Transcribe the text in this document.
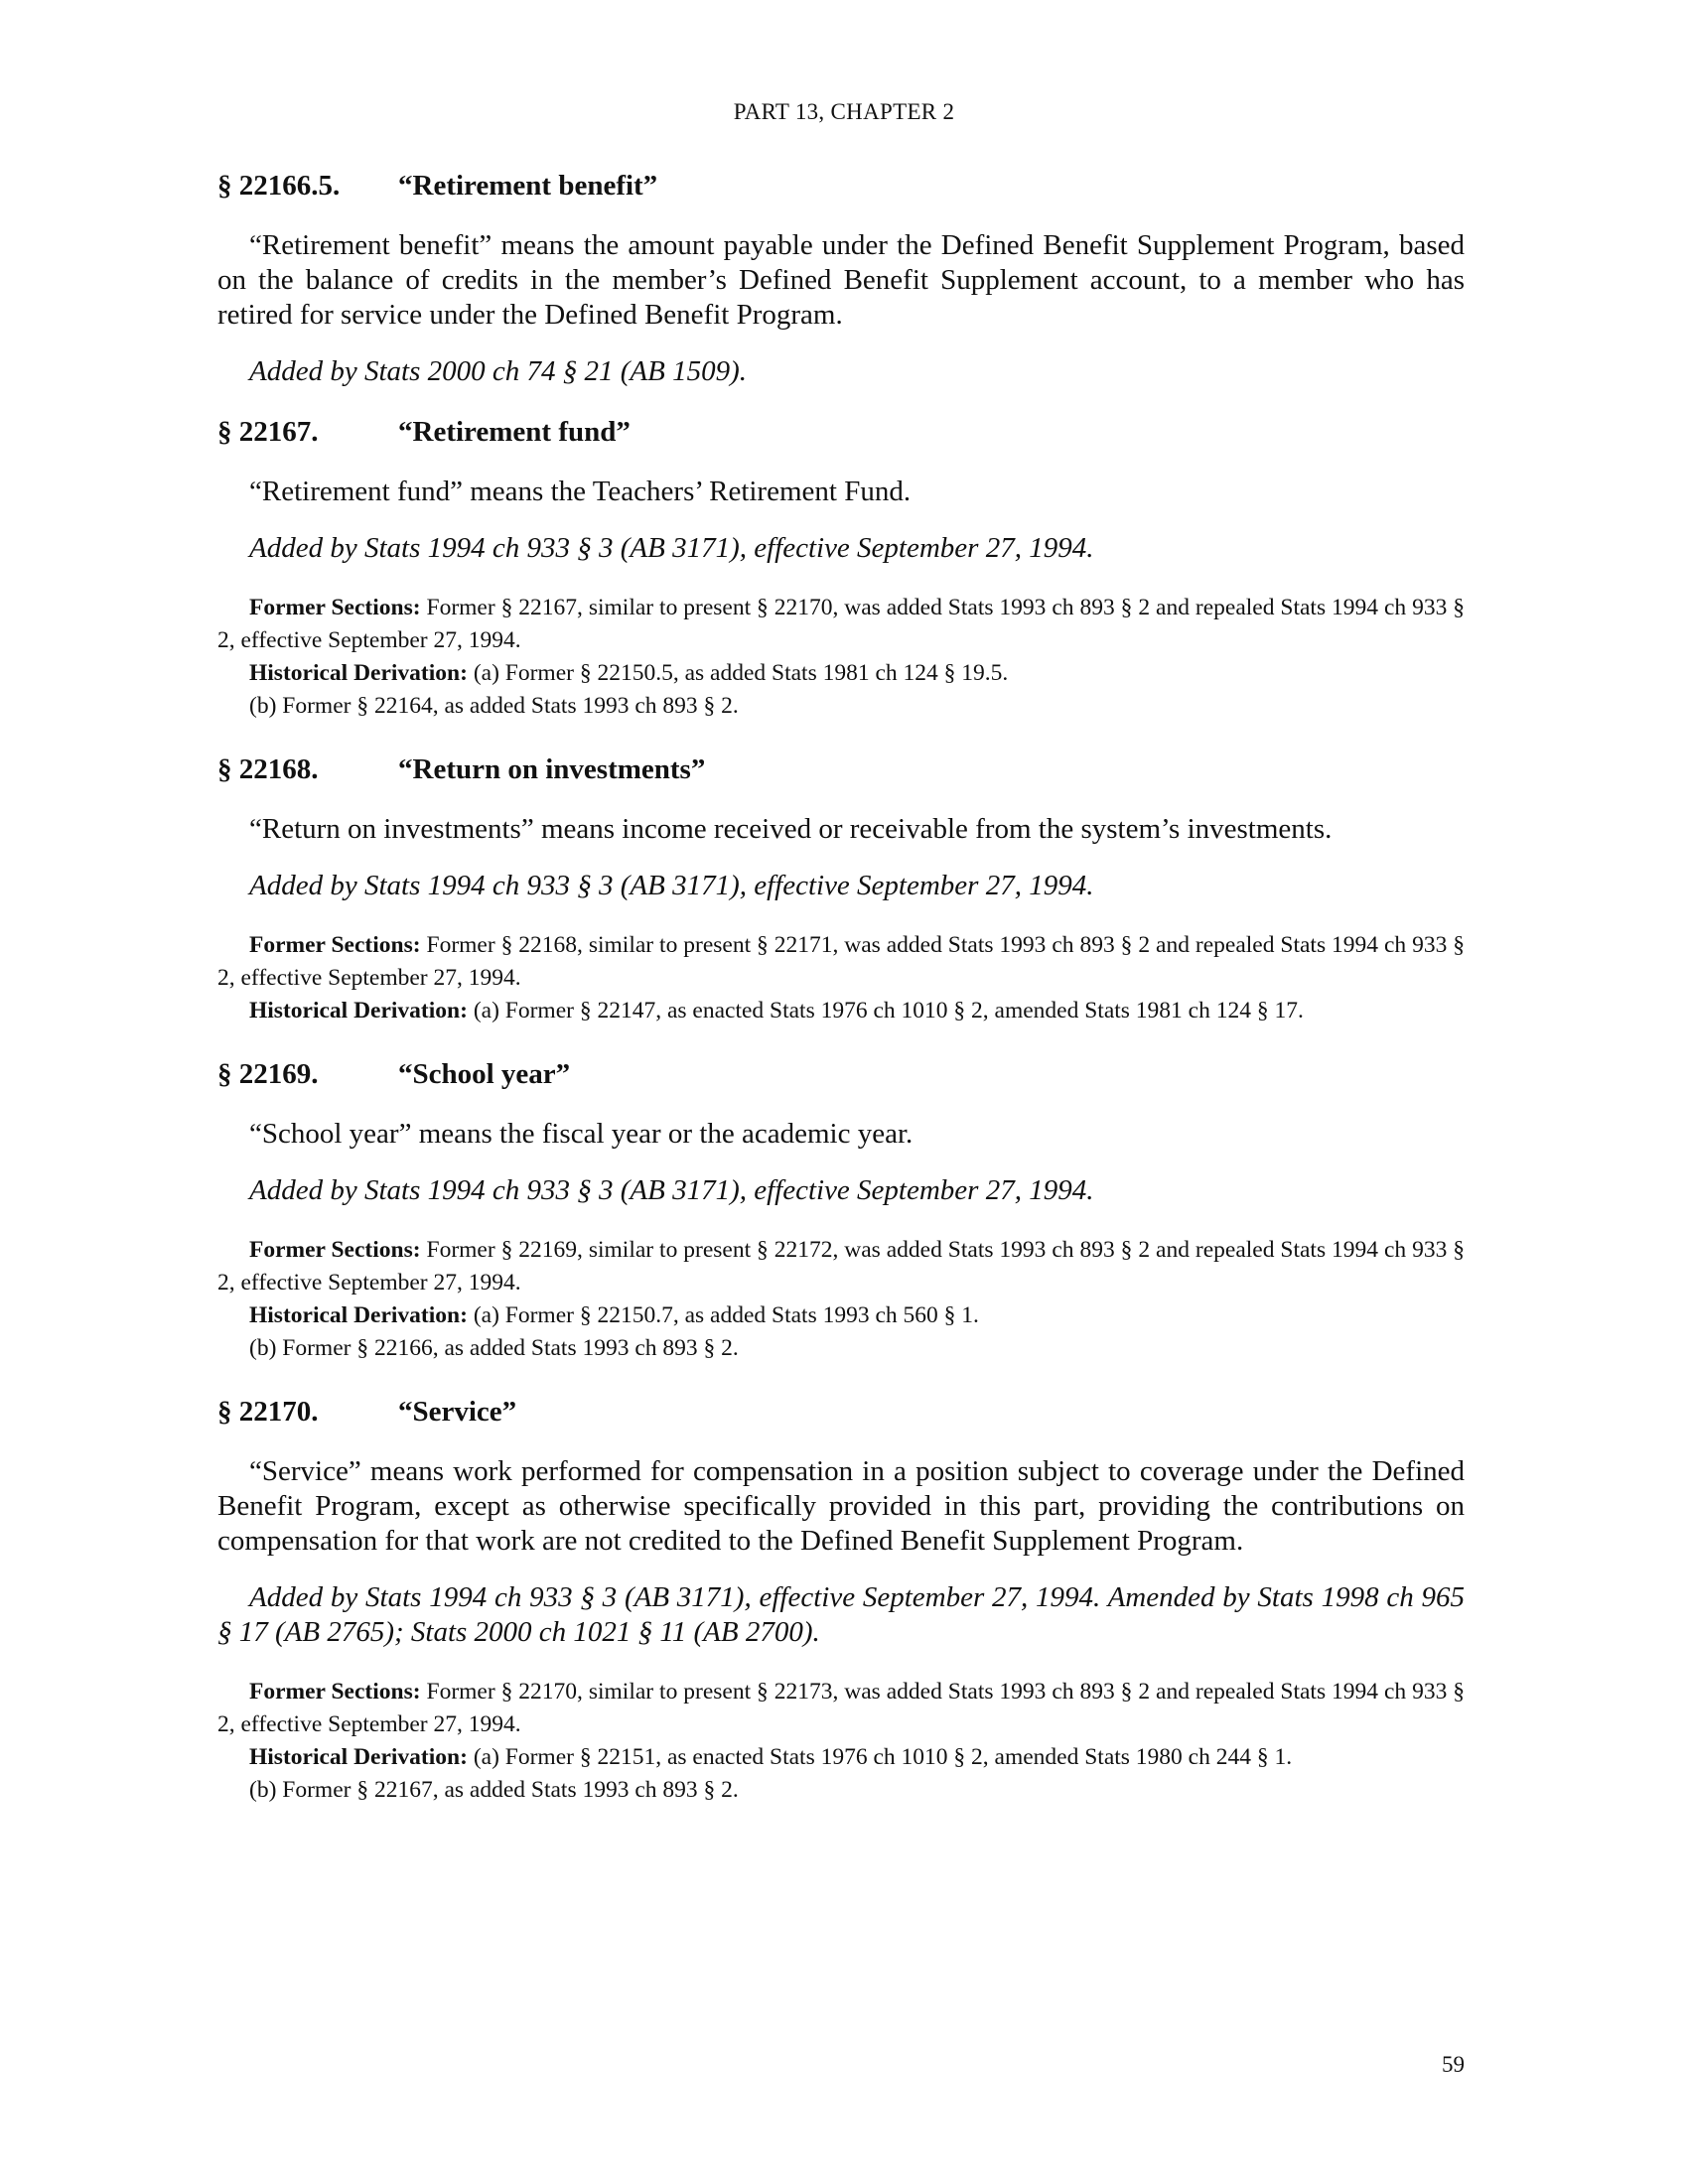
PART 13, CHAPTER 2
§ 22166.5.	“Retirement benefit”

“Retirement benefit” means the amount payable under the Defined Benefit Supplement Program, based on the balance of credits in the member’s Defined Benefit Supplement account, to a member who has retired for service under the Defined Benefit Program.

Added by Stats 2000 ch 74 § 21 (AB 1509).

§ 22167.	“Retirement fund”

“Retirement fund” means the Teachers’ Retirement Fund.

Added by Stats 1994 ch 933 § 3 (AB 3171), effective September 27, 1994.

Former Sections: Former § 22167, similar to present § 22170, was added Stats 1993 ch 893 § 2 and repealed Stats 1994 ch 933 § 2, effective September 27, 1994.

Historical Derivation: (a) Former § 22150.5, as added Stats 1981 ch 124 § 19.5.

(b) Former § 22164, as added Stats 1993 ch 893 § 2.

§ 22168.	“Return on investments”

“Return on investments” means income received or receivable from the system’s investments.

Added by Stats 1994 ch 933 § 3 (AB 3171), effective September 27, 1994.

Former Sections: Former § 22168, similar to present § 22171, was added Stats 1993 ch 893 § 2 and repealed Stats 1994 ch 933 § 2, effective September 27, 1994.

Historical Derivation: (a) Former § 22147, as enacted Stats 1976 ch 1010 § 2, amended Stats 1981 ch 124 § 17.

§ 22169.	“School year”

“School year” means the fiscal year or the academic year.

Added by Stats 1994 ch 933 § 3 (AB 3171), effective September 27, 1994.

Former Sections: Former § 22169, similar to present § 22172, was added Stats 1993 ch 893 § 2 and repealed Stats 1994 ch 933 § 2, effective September 27, 1994.

Historical Derivation: (a) Former § 22150.7, as added Stats 1993 ch 560 § 1.

(b) Former § 22166, as added Stats 1993 ch 893 § 2.

§ 22170.	“Service”

“Service” means work performed for compensation in a position subject to coverage under the Defined Benefit Program, except as otherwise specifically provided in this part, providing the contributions on compensation for that work are not credited to the Defined Benefit Supplement Program.

Added by Stats 1994 ch 933 § 3 (AB 3171), effective September 27, 1994. Amended by Stats 1998 ch 965 § 17 (AB 2765); Stats 2000 ch 1021 § 11 (AB 2700).

Former Sections: Former § 22170, similar to present § 22173, was added Stats 1993 ch 893 § 2 and repealed Stats 1994 ch 933 § 2, effective September 27, 1994.

Historical Derivation: (a) Former § 22151, as enacted Stats 1976 ch 1010 § 2, amended Stats 1980 ch 244 § 1.

(b) Former § 22167, as added Stats 1993 ch 893 § 2.

59
